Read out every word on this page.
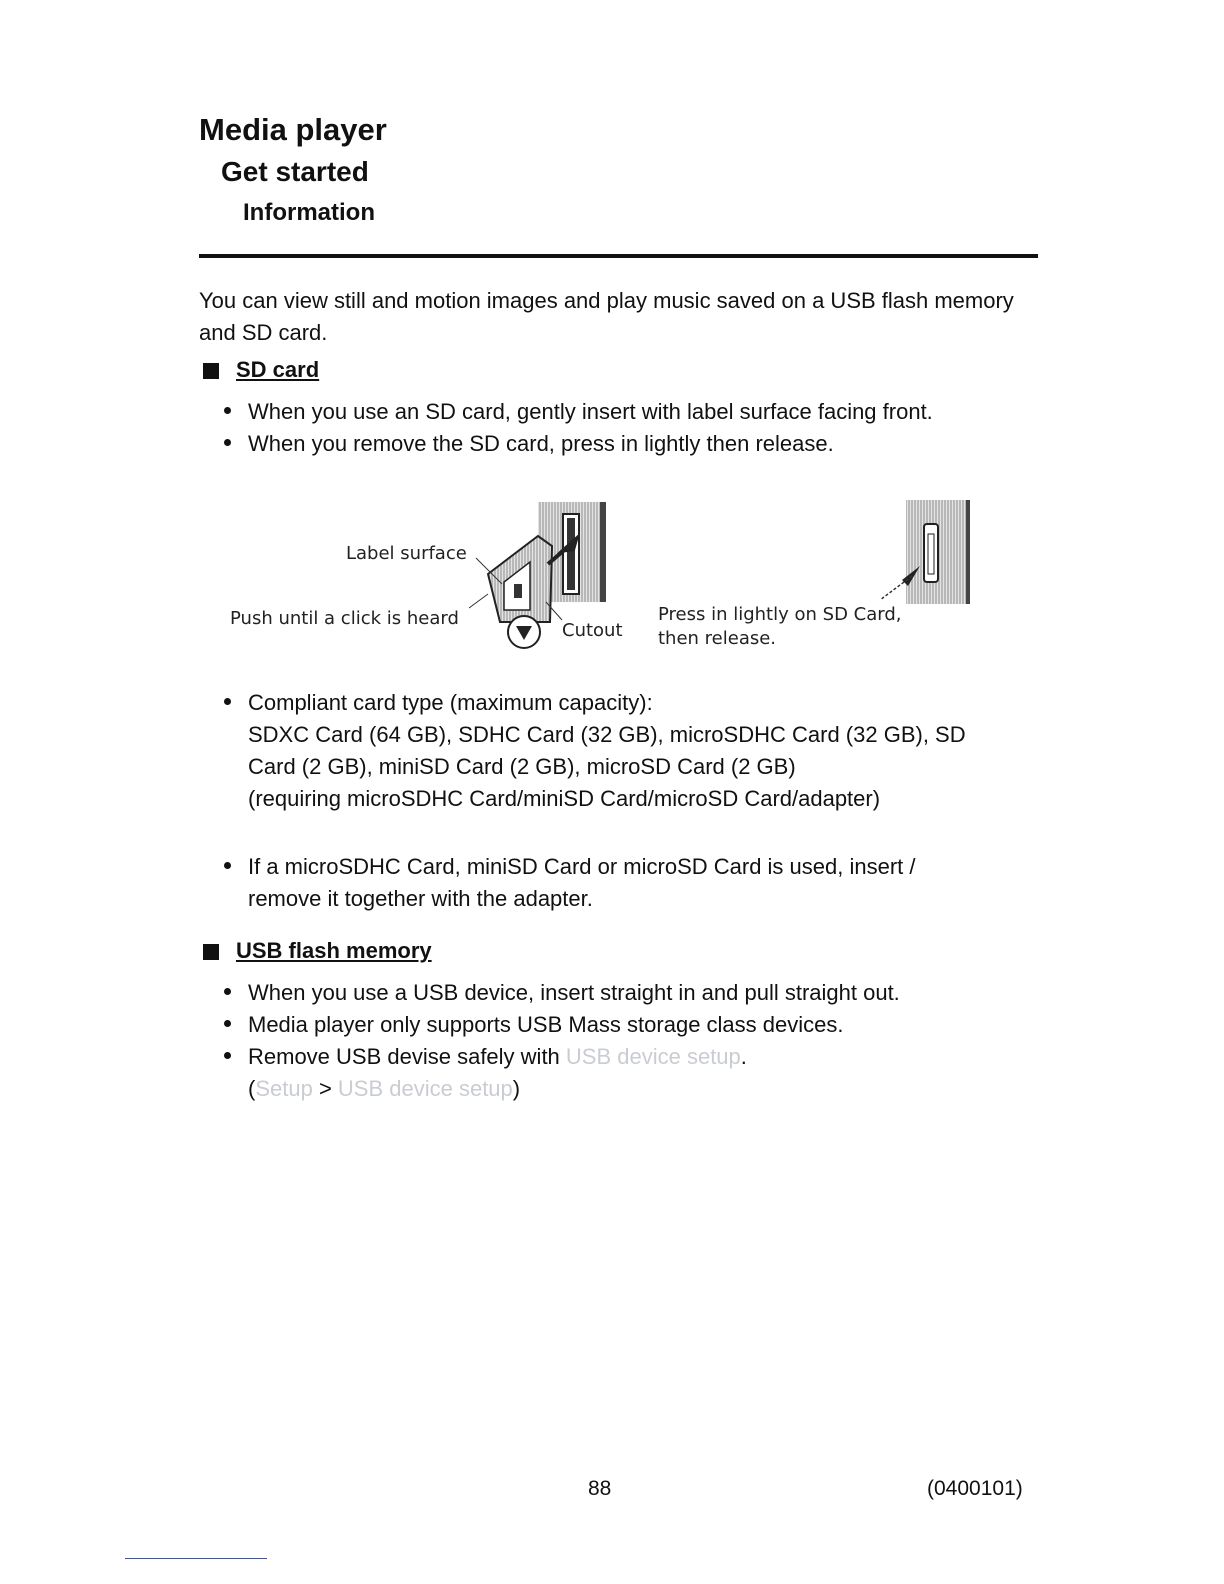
Media player
Get started
Information
You can view still and motion images and play music saved on a USB flash memory and SD card.
SD card
When you use an SD card, gently insert with label surface facing front.
When you remove the SD card, press in lightly then release.
Label surface
Push until a click is heard
Cutout
Press in lightly on SD Card,
then release.
Compliant card type (maximum capacity):
SDXC Card (64 GB), SDHC Card (32 GB), microSDHC Card (32 GB), SD
Card (2 GB), miniSD Card (2 GB), microSD Card (2 GB)
(requiring microSDHC Card/miniSD Card/microSD Card/adapter)
If a microSDHC Card, miniSD Card or microSD Card is used, insert /
remove it together with the adapter.
USB flash memory
When you use a USB device, insert straight in and pull straight out.
Media player only supports USB Mass storage class devices.
Remove USB devise safely with USB device setup.
(Setup > USB device setup)
88	(0400101)
